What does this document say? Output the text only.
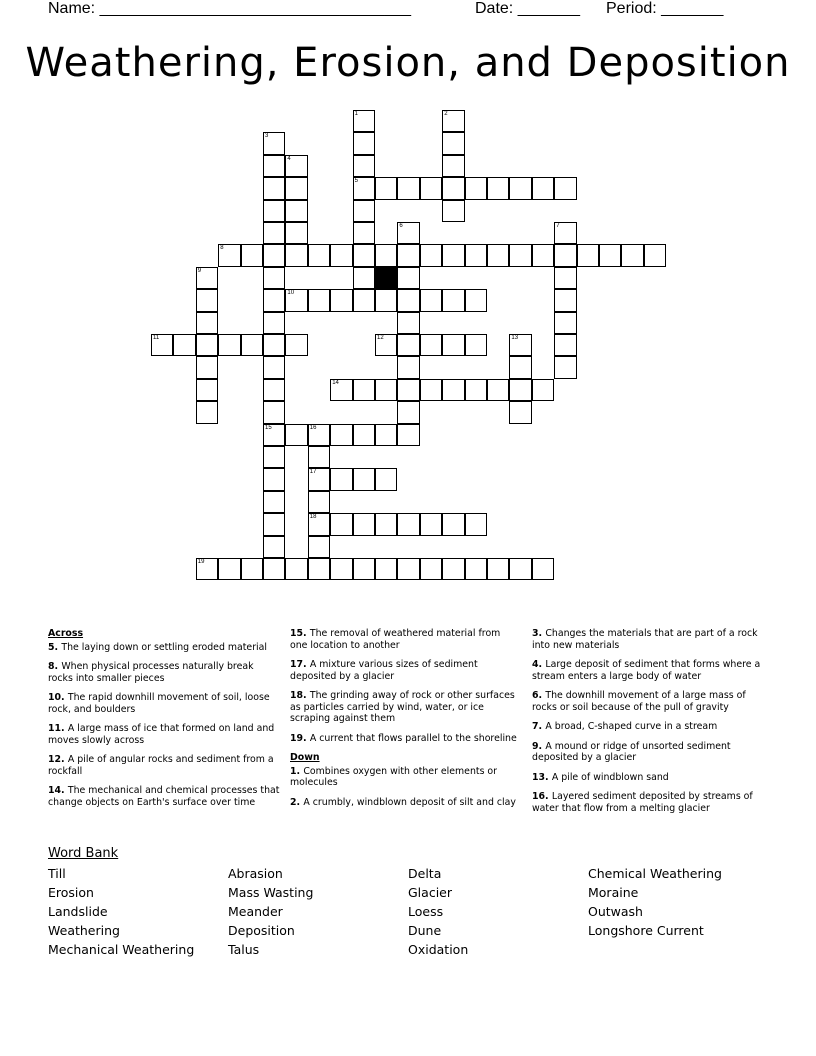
Name: ___________________________________	Date: _______ Period: _______
Weathering, Erosion, and Deposition
1
5
2
3
15
4
6	7
8
9
10
11	12	13
14
16
17
18
19
Across

5. The laying down or settling eroded material

8. When physical processes naturally break rocks into smaller pieces

10. The rapid downhill movement of soil, loose rock, and boulders

11. A large mass of ice that formed on land and moves slowly across

12. A pile of angular rocks and sediment from a rockfall

14. The mechanical and chemical processes that change objects on Earth's surface over time

15. The removal of weathered material from one location to another

17. A mixture various sizes of sediment deposited by a glacier

18. The grinding away of rock or other surfaces as particles carried by wind, water, or ice scraping against them

19. A current that flows parallel to the shoreline

Down

1. Combines oxygen with other elements or molecules

2. A crumbly, windblown deposit of silt and clay

3. Changes the materials that are part of a rock into new materials

4. Large deposit of sediment that forms where a stream enters a large body of water

6. The downhill movement of a large mass of rocks or soil because of the pull of gravity

7. A broad, C-shaped curve in a stream

9. A mound or ridge of unsorted sediment deposited by a glacier

13. A pile of windblown sand

16. Layered sediment deposited by streams of water that flow from a melting glacier

Word Bank
Till
Erosion
Landslide
Weathering
Mechanical Weathering
Abrasion
Mass Wasting
Meander
Deposition
Talus
Delta
Glacier
Loess
Dune
Oxidation
Chemical Weathering
Moraine
Outwash
Longshore Current
